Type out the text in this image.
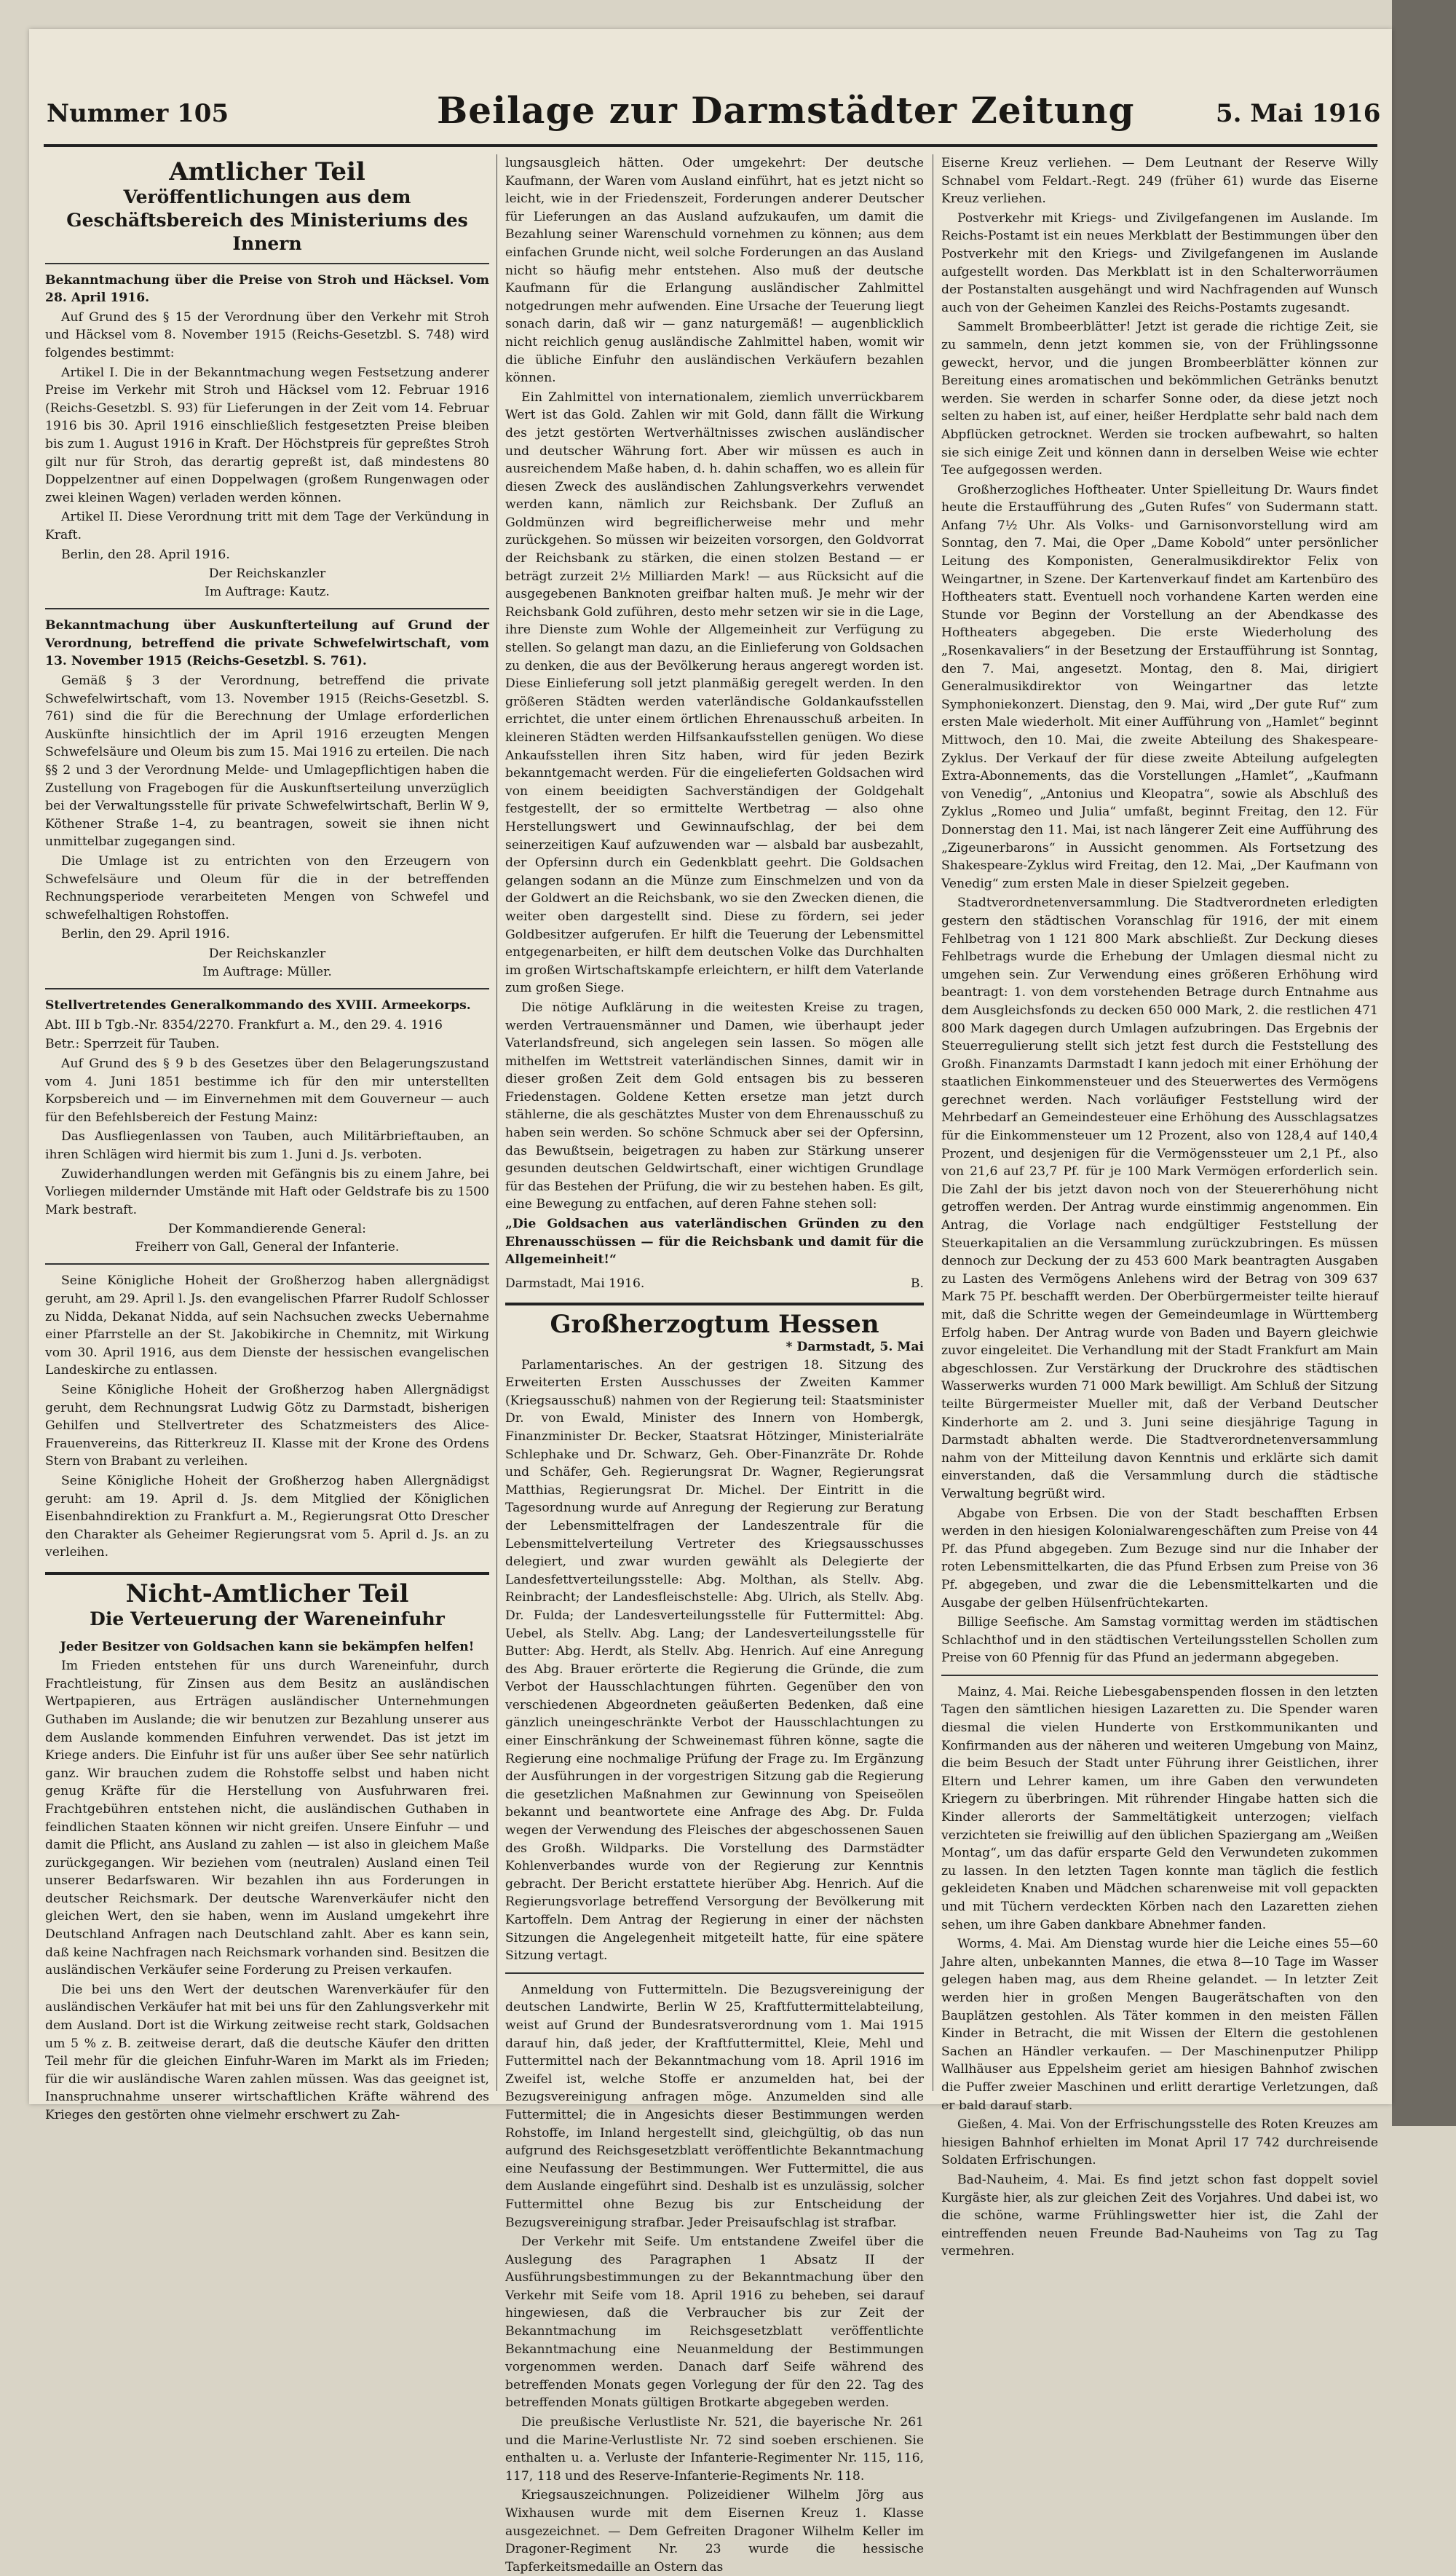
Nummer 105	Beilage zur Darmstädter Zeitung	5. Mai 1916
Amtlicher Teil
Veröffentlichungen aus dem Geschäftsbereich des Ministeriums des Innern

Bekanntmachung über die Preise von Stroh und Häcksel. Vom 28. April 1916.

Auf Grund des § 15 der Verordnung über den Verkehr mit Stroh und Häcksel vom 8. November 1915 (Reichs-Gesetzbl. S. 748) wird folgendes bestimmt:

Artikel I. Die in der Bekanntmachung wegen Festsetzung anderer Preise im Verkehr mit Stroh und Häcksel vom 12. Februar 1916 (Reichs-Gesetzbl. S. 93) für Lieferungen in der Zeit vom 14. Februar 1916 bis 30. April 1916 einschließlich festgesetzten Preise bleiben bis zum 1. August 1916 in Kraft. Der Höchstpreis für gepreßtes Stroh gilt nur für Stroh, das derartig gepreßt ist, daß mindestens 80 Doppelzentner auf einen Doppelwagen (großem Rungenwagen oder zwei kleinen Wagen) verladen werden können.

Artikel II. Diese Verordnung tritt mit dem Tage der Verkündung in Kraft.

Berlin, den 28. April 1916.

Der Reichskanzler
Im Auftrage: Kautz.

Bekanntmachung über Auskunfterteilung auf Grund der Verordnung, betreffend die private Schwefelwirtschaft, vom 13. November 1915 (Reichs-Gesetzbl. S. 761).

Gemäß § 3 der Verordnung, betreffend die private Schwefelwirtschaft, vom 13. November 1915 (Reichs-Gesetzbl. S. 761) sind die für die Berechnung der Umlage erforderlichen Auskünfte hinsichtlich der im April 1916 erzeugten Mengen Schwefelsäure und Oleum bis zum 15. Mai 1916 zu erteilen. Die nach §§ 2 und 3 der Verordnung Melde- und Umlagepflichtigen haben die Zustellung von Fragebogen für die Auskunftserteilung unverzüglich bei der Verwaltungsstelle für private Schwefelwirtschaft, Berlin W 9, Köthener Straße 1–4, zu beantragen, soweit sie ihnen nicht unmittelbar zugegangen sind.

Die Umlage ist zu entrichten von den Erzeugern von Schwefelsäure und Oleum für die in der betreffenden Rechnungsperiode verarbeiteten Mengen von Schwefel und schwefelhaltigen Rohstoffen.

Berlin, den 29. April 1916.

Der Reichskanzler
Im Auftrage: Müller.

Stellvertretendes Generalkommando des XVIII. Armeekorps.

Abt. III b Tgb.-Nr. 8354/2270. Frankfurt a. M., den 29. 4. 1916

Betr.: Sperrzeit für Tauben.

Auf Grund des § 9 b des Gesetzes über den Belagerungszustand vom 4. Juni 1851 bestimme ich für den mir unterstellten Korpsbereich und — im Einvernehmen mit dem Gouverneur — auch für den Befehlsbereich der Festung Mainz:

Das Ausfliegenlassen von Tauben, auch Militärbrieftauben, an ihren Schlägen wird hiermit bis zum 1. Juni d. Js. verboten.

Zuwiderhandlungen werden mit Gefängnis bis zu einem Jahre, bei Vorliegen mildernder Umstände mit Haft oder Geldstrafe bis zu 1500 Mark bestraft.

Der Kommandierende General:
Freiherr von Gall, General der Infanterie.

Seine Königliche Hoheit der Großherzog haben allergnädigst geruht, am 29. April l. Js. den evangelischen Pfarrer Rudolf Schlosser zu Nidda, Dekanat Nidda, auf sein Nachsuchen zwecks Uebernahme einer Pfarrstelle an der St. Jakobikirche in Chemnitz, mit Wirkung vom 30. April 1916, aus dem Dienste der hessischen evangelischen Landeskirche zu entlassen.

Seine Königliche Hoheit der Großherzog haben Allergnädigst geruht, dem Rechnungsrat Ludwig Götz zu Darmstadt, bisherigen Gehilfen und Stellvertreter des Schatzmeisters des Alice-Frauenvereins, das Ritterkreuz II. Klasse mit der Krone des Ordens Stern von Brabant zu verleihen.

Seine Königliche Hoheit der Großherzog haben Allergnädigst geruht: am 19. April d. Js. dem Mitglied der Königlichen Eisenbahndirektion zu Frankfurt a. M., Regierungsrat Otto Drescher den Charakter als Geheimer Regierungsrat vom 5. April d. Js. an zu verleihen.

Nicht-Amtlicher Teil
Die Verteuerung der Wareneinfuhr

Jeder Besitzer von Goldsachen kann sie bekämpfen helfen!

Im Frieden entstehen für uns durch Wareneinfuhr, durch Frachtleistung, für Zinsen aus dem Besitz an ausländischen Wertpapieren, aus Erträgen ausländischer Unternehmungen Guthaben im Auslande; die wir benutzen zur Bezahlung unserer aus dem Auslande kommenden Einfuhren verwendet. Das ist jetzt im Kriege anders. Die Einfuhr ist für uns außer über See sehr natürlich ganz. Wir brauchen zudem die Rohstoffe selbst und haben nicht genug Kräfte für die Herstellung von Ausfuhrwaren frei. Frachtgebühren entstehen nicht, die ausländischen Guthaben in feindlichen Staaten können wir nicht greifen. Unsere Einfuhr — und damit die Pflicht, ans Ausland zu zahlen — ist also in gleichem Maße zurückgegangen. Wir beziehen vom (neutralen) Ausland einen Teil unserer Bedarfswaren. Wir bezahlen ihn aus Forderungen in deutscher Reichsmark. Der deutsche Warenverkäufer nicht den gleichen Wert, den sie haben, wenn im Ausland umgekehrt ihre Deutschland Anfragen nach Deutschland zahlt. Aber es kann sein, daß keine Nachfragen nach Reichsmark vorhanden sind. Besitzen die ausländischen Verkäufer seine Forderung zu Preisen verkaufen.

Die bei uns den Wert der deutschen Warenverkäufer für den ausländischen Verkäufer hat mit bei uns für den Zahlungsverkehr mit dem Ausland. Dort ist die Wirkung zeitweise recht stark, Goldsachen um 5 % z. B. zeitweise derart, daß die deutsche Käufer den dritten Teil mehr für die gleichen Einfuhr-Waren im Markt als im Frieden; für die wir ausländische Waren zahlen müssen. Was das geeignet ist, Inanspruchnahme unserer wirtschaftlichen Kräfte während des Krieges den gestörten ohne vielmehr erschwert zu Zah-

lungsausgleich hätten. Oder umgekehrt: Der deutsche Kaufmann, der Waren vom Ausland einführt, hat es jetzt nicht so leicht, wie in der Friedenszeit, Forderungen anderer Deutscher für Lieferungen an das Ausland aufzukaufen, um damit die Bezahlung seiner Warenschuld vornehmen zu können; aus dem einfachen Grunde nicht, weil solche Forderungen an das Ausland nicht so häufig mehr entstehen. Also muß der deutsche Kaufmann für die Erlangung ausländischer Zahlmittel notgedrungen mehr aufwenden. Eine Ursache der Teuerung liegt sonach darin, daß wir — ganz naturgemäß! — augenblicklich nicht reichlich genug ausländische Zahlmittel haben, womit wir die übliche Einfuhr den ausländischen Verkäufern bezahlen können.

Ein Zahlmittel von internationalem, ziemlich unverrückbarem Wert ist das Gold. Zahlen wir mit Gold, dann fällt die Wirkung des jetzt gestörten Wertverhältnisses zwischen ausländischer und deutscher Währung fort. Aber wir müssen es auch in ausreichendem Maße haben, d. h. dahin schaffen, wo es allein für diesen Zweck des ausländischen Zahlungsverkehrs verwendet werden kann, nämlich zur Reichsbank. Der Zufluß an Goldmünzen wird begreiflicherweise mehr und mehr zurückgehen. So müssen wir beizeiten vorsorgen, den Goldvorrat der Reichsbank zu stärken, die einen stolzen Bestand — er beträgt zurzeit 2½ Milliarden Mark! — aus Rücksicht auf die ausgegebenen Banknoten greifbar halten muß. Je mehr wir der Reichsbank Gold zuführen, desto mehr setzen wir sie in die Lage, ihre Dienste zum Wohle der Allgemeinheit zur Verfügung zu stellen. So gelangt man dazu, an die Einlieferung von Goldsachen zu denken, die aus der Bevölkerung heraus angeregt worden ist. Diese Einlieferung soll jetzt planmäßig geregelt werden. In den größeren Städten werden vaterländische Goldankaufsstellen errichtet, die unter einem örtlichen Ehrenausschuß arbeiten. In kleineren Städten werden Hilfsankaufsstellen genügen. Wo diese Ankaufsstellen ihren Sitz haben, wird für jeden Bezirk bekanntgemacht werden. Für die eingelieferten Goldsachen wird von einem beeidigten Sachverständigen der Goldgehalt festgestellt, der so ermittelte Wertbetrag — also ohne Herstellungswert und Gewinnaufschlag, der bei dem seinerzeitigen Kauf aufzuwenden war — alsbald bar ausbezahlt, der Opfersinn durch ein Gedenkblatt geehrt. Die Goldsachen gelangen sodann an die Münze zum Einschmelzen und von da der Goldwert an die Reichsbank, wo sie den Zwecken dienen, die weiter oben dargestellt sind. Diese zu fördern, sei jeder Goldbesitzer aufgerufen. Er hilft die Teuerung der Lebensmittel entgegenarbeiten, er hilft dem deutschen Volke das Durchhalten im großen Wirtschaftskampfe erleichtern, er hilft dem Vaterlande zum großen Siege.

Die nötige Aufklärung in die weitesten Kreise zu tragen, werden Vertrauensmänner und Damen, wie überhaupt jeder Vaterlandsfreund, sich angelegen sein lassen. So mögen alle mithelfen im Wettstreit vaterländischen Sinnes, damit wir in dieser großen Zeit dem Gold entsagen bis zu besseren Friedenstagen. Goldene Ketten ersetze man jetzt durch stählerne, die als geschätztes Muster von dem Ehrenausschuß zu haben sein werden. So schöne Schmuck aber sei der Opfersinn, das Bewußtsein, beigetragen zu haben zur Stärkung unserer gesunden deutschen Geldwirtschaft, einer wichtigen Grundlage für das Bestehen der Prüfung, die wir zu bestehen haben. Es gilt, eine Bewegung zu entfachen, auf deren Fahne stehen soll:

„Die Goldsachen aus vaterländischen Gründen zu den Ehrenausschüssen — für die Reichsbank und damit für die Allgemeinheit!“

Darmstadt, Mai 1916.	B.
Großherzogtum Hessen
* Darmstadt, 5. Mai

Parlamentarisches. An der gestrigen 18. Sitzung des Erweiterten Ersten Ausschusses der Zweiten Kammer (Kriegsausschuß) nahmen von der Regierung teil: Staatsminister Dr. von Ewald, Minister des Innern von Hombergk, Finanzminister Dr. Becker, Staatsrat Hötzinger, Ministerialräte Schlephake und Dr. Schwarz, Geh. Ober-Finanzräte Dr. Rohde und Schäfer, Geh. Regierungsrat Dr. Wagner, Regierungsrat Matthias, Regierungsrat Dr. Michel. Der Eintritt in die Tagesordnung wurde auf Anregung der Regierung zur Beratung der Lebensmittelfragen der Landeszentrale für die Lebensmittelverteilung Vertreter des Kriegsausschusses delegiert, und zwar wurden gewählt als Delegierte der Landesfettverteilungsstelle: Abg. Molthan, als Stellv. Abg. Reinbracht; der Landesfleischstelle: Abg. Ulrich, als Stellv. Abg. Dr. Fulda; der Landesverteilungsstelle für Futtermittel: Abg. Uebel, als Stellv. Abg. Lang; der Landesverteilungsstelle für Butter: Abg. Herdt, als Stellv. Abg. Henrich. Auf eine Anregung des Abg. Brauer erörterte die Regierung die Gründe, die zum Verbot der Hausschlachtungen führten. Gegenüber den von verschiedenen Abgeordneten geäußerten Bedenken, daß eine gänzlich uneingeschränkte Verbot der Hausschlachtungen zu einer Einschränkung der Schweinemast führen könne, sagte die Regierung eine nochmalige Prüfung der Frage zu. Im Ergänzung der Ausführungen in der vorgestrigen Sitzung gab die Regierung die gesetzlichen Maßnahmen zur Gewinnung von Speiseölen bekannt und beantwortete eine Anfrage des Abg. Dr. Fulda wegen der Verwendung des Fleisches der abgeschossenen Sauen des Großh. Wildparks. Die Vorstellung des Darmstädter Kohlenverbandes wurde von der Regierung zur Kenntnis gebracht. Der Bericht erstattete hierüber Abg. Henrich. Auf die Regierungsvorlage betreffend Versorgung der Bevölkerung mit Kartoffeln. Dem Antrag der Regierung in einer der nächsten Sitzungen die Angelegenheit mitgeteilt hatte, für eine spätere Sitzung vertagt.

Anmeldung von Futtermitteln. Die Bezugsvereinigung der deutschen Landwirte, Berlin W 25, Kraftfuttermittelabteilung, weist auf Grund der Bundesratsverordnung vom 1. Mai 1915 darauf hin, daß jeder, der Kraftfuttermittel, Kleie, Mehl und Futtermittel nach der Bekanntmachung vom 18. April 1916 im Zweifel ist, welche Stoffe er anzumelden hat, bei der Bezugsvereinigung anfragen möge. Anzumelden sind alle Futtermittel; die in Angesichts dieser Bestimmungen werden Rohstoffe, im Inland hergestellt sind, gleichgültig, ob das nun aufgrund des Reichsgesetzblatt veröffentlichte Bekanntmachung eine Neufassung der Bestimmungen. Wer Futtermittel, die aus dem Auslande eingeführt sind. Deshalb ist es unzulässig, solcher Futtermittel ohne Bezug bis zur Entscheidung der Bezugsvereinigung strafbar. Jeder Preisaufschlag ist strafbar.

Der Verkehr mit Seife. Um entstandene Zweifel über die Auslegung des Paragraphen 1 Absatz II der Ausführungsbestimmungen zu der Bekanntmachung über den Verkehr mit Seife vom 18. April 1916 zu beheben, sei darauf hingewiesen, daß die Verbraucher bis zur Zeit der Bekanntmachung im Reichsgesetzblatt veröffentlichte Bekanntmachung eine Neuanmeldung der Bestimmungen vorgenommen werden. Danach darf Seife während des betreffenden Monats gegen Vorlegung der für den 22. Tag des betreffenden Monats gültigen Brotkarte abgegeben werden.

Die preußische Verlustliste Nr. 521, die bayerische Nr. 261 und die Marine-Verlustliste Nr. 72 sind soeben erschienen. Sie enthalten u. a. Verluste der Infanterie-Regimenter Nr. 115, 116, 117, 118 und des Reserve-Infanterie-Regiments Nr. 118.

Kriegsauszeichnungen. Polizeidiener Wilhelm Jörg aus Wixhausen wurde mit dem Eisernen Kreuz 1. Klasse ausgezeichnet. — Dem Gefreiten Dragoner Wilhelm Keller im Dragoner-Regiment Nr. 23 wurde die hessische Tapferkeitsmedaille an Ostern das

Eiserne Kreuz verliehen. — Dem Leutnant der Reserve Willy Schnabel vom Feldart.-Regt. 249 (früher 61) wurde das Eiserne Kreuz verliehen.

Postverkehr mit Kriegs- und Zivilgefangenen im Auslande. Im Reichs-Postamt ist ein neues Merkblatt der Bestimmungen über den Postverkehr mit den Kriegs- und Zivilgefangenen im Auslande aufgestellt worden. Das Merkblatt ist in den Schalterworräumen der Postanstalten ausgehängt und wird Nachfragenden auf Wunsch auch von der Geheimen Kanzlei des Reichs-Postamts zugesandt.

Sammelt Brombeerblätter! Jetzt ist gerade die richtige Zeit, sie zu sammeln, denn jetzt kommen sie, von der Frühlingssonne geweckt, hervor, und die jungen Brombeerblätter können zur Bereitung eines aromatischen und bekömmlichen Getränks benutzt werden. Sie werden in scharfer Sonne oder, da diese jetzt noch selten zu haben ist, auf einer, heißer Herdplatte sehr bald nach dem Abpflücken getrocknet. Werden sie trocken aufbewahrt, so halten sie sich einige Zeit und können dann in derselben Weise wie echter Tee aufgegossen werden.

Großherzogliches Hoftheater. Unter Spielleitung Dr. Waurs findet heute die Erstaufführung des „Guten Rufes“ von Sudermann statt. Anfang 7½ Uhr. Als Volks- und Garnisonvorstellung wird am Sonntag, den 7. Mai, die Oper „Dame Kobold“ unter persönlicher Leitung des Komponisten, Generalmusikdirektor Felix von Weingartner, in Szene. Der Kartenverkauf findet am Kartenbüro des Hoftheaters statt. Eventuell noch vorhandene Karten werden eine Stunde vor Beginn der Vorstellung an der Abendkasse des Hoftheaters abgegeben. Die erste Wiederholung des „Rosenkavaliers“ in der Besetzung der Erstaufführung ist Sonntag, den 7. Mai, angesetzt. Montag, den 8. Mai, dirigiert Generalmusikdirektor von Weingartner das letzte Symphoniekonzert. Dienstag, den 9. Mai, wird „Der gute Ruf“ zum ersten Male wiederholt. Mit einer Aufführung von „Hamlet“ beginnt Mittwoch, den 10. Mai, die zweite Abteilung des Shakespeare-Zyklus. Der Verkauf der für diese zweite Abteilung aufgelegten Extra-Abonnements, das die Vorstellungen „Hamlet“, „Kaufmann von Venedig“, „Antonius und Kleopatra“, sowie als Abschluß des Zyklus „Romeo und Julia“ umfaßt, beginnt Freitag, den 12. Für Donnerstag den 11. Mai, ist nach längerer Zeit eine Aufführung des „Zigeunerbarons“ in Aussicht genommen. Als Fortsetzung des Shakespeare-Zyklus wird Freitag, den 12. Mai, „Der Kaufmann von Venedig“ zum ersten Male in dieser Spielzeit gegeben.

Stadtverordnetenversammlung. Die Stadtverordneten erledigten gestern den städtischen Voranschlag für 1916, der mit einem Fehlbetrag von 1 121 800 Mark abschließt. Zur Deckung dieses Fehlbetrags wurde die Erhebung der Umlagen diesmal nicht zu umgehen sein. Zur Verwendung eines größeren Erhöhung wird beantragt: 1. von dem vorstehenden Betrage durch Entnahme aus dem Ausgleichsfonds zu decken 650 000 Mark, 2. die restlichen 471 800 Mark dagegen durch Umlagen aufzubringen. Das Ergebnis der Steuerregulierung stellt sich jetzt fest durch die Feststellung des Großh. Finanzamts Darmstadt I kann jedoch mit einer Erhöhung der staatlichen Einkommensteuer und des Steuerwertes des Vermögens gerechnet werden. Nach vorläufiger Feststellung wird der Mehrbedarf an Gemeindesteuer eine Erhöhung des Ausschlagsatzes für die Einkommensteuer um 12 Prozent, also von 128,4 auf 140,4 Prozent, und desjenigen für die Vermögenssteuer um 2,1 Pf., also von 21,6 auf 23,7 Pf. für je 100 Mark Vermögen erforderlich sein. Die Zahl der bis jetzt davon noch von der Steuererhöhung nicht getroffen werden. Der Antrag wurde einstimmig angenommen. Ein Antrag, die Vorlage nach endgültiger Feststellung der Steuerkapitalien an die Versammlung zurückzubringen. Es müssen dennoch zur Deckung der zu 453 600 Mark beantragten Ausgaben zu Lasten des Vermögens Anlehens wird der Betrag von 309 637 Mark 75 Pf. beschafft werden. Der Oberbürgermeister teilte hierauf mit, daß die Schritte wegen der Gemeindeumlage in Württemberg Erfolg haben. Der Antrag wurde von Baden und Bayern gleichwie zuvor eingeleitet. Die Verhandlung mit der Stadt Frankfurt am Main abgeschlossen. Zur Verstärkung der Druckrohre des städtischen Wasserwerks wurden 71 000 Mark bewilligt. Am Schluß der Sitzung teilte Bürgermeister Mueller mit, daß der Verband Deutscher Kinderhorte am 2. und 3. Juni seine diesjährige Tagung in Darmstadt abhalten werde. Die Stadtverordnetenversammlung nahm von der Mitteilung davon Kenntnis und erklärte sich damit einverstanden, daß die Versammlung durch die städtische Verwaltung begrüßt wird.

Abgabe von Erbsen. Die von der Stadt beschafften Erbsen werden in den hiesigen Kolonialwarengeschäften zum Preise von 44 Pf. das Pfund abgegeben. Zum Bezuge sind nur die Inhaber der roten Lebensmittelkarten, die das Pfund Erbsen zum Preise von 36 Pf. abgegeben, und zwar die die Lebensmittelkarten und die Ausgabe der gelben Hülsenfrüchtekarten.

Billige Seefische. Am Samstag vormittag werden im städtischen Schlachthof und in den städtischen Verteilungsstellen Schollen zum Preise von 60 Pfennig für das Pfund an jedermann abgegeben.

Mainz, 4. Mai. Reiche Liebesgabenspenden flossen in den letzten Tagen den sämtlichen hiesigen Lazaretten zu. Die Spender waren diesmal die vielen Hunderte von Erstkommunikanten und Konfirmanden aus der näheren und weiteren Umgebung von Mainz, die beim Besuch der Stadt unter Führung ihrer Geistlichen, ihrer Eltern und Lehrer kamen, um ihre Gaben den verwundeten Kriegern zu überbringen. Mit rührender Hingabe hatten sich die Kinder allerorts der Sammeltätigkeit unterzogen; vielfach verzichteten sie freiwillig auf den üblichen Spaziergang am „Weißen Montag“, um das dafür ersparte Geld den Verwundeten zukommen zu lassen. In den letzten Tagen konnte man täglich die festlich gekleideten Knaben und Mädchen scharenweise mit voll gepackten und mit Tüchern verdeckten Körben nach den Lazaretten ziehen sehen, um ihre Gaben dankbare Abnehmer fanden.

Worms, 4. Mai. Am Dienstag wurde hier die Leiche eines 55—60 Jahre alten, unbekannten Mannes, die etwa 8—10 Tage im Wasser gelegen haben mag, aus dem Rheine gelandet. — In letzter Zeit werden hier in großen Mengen Baugerätschaften von den Bauplätzen gestohlen. Als Täter kommen in den meisten Fällen Kinder in Betracht, die mit Wissen der Eltern die gestohlenen Sachen an Händler verkaufen. — Der Maschinenputzer Philipp Wallhäuser aus Eppelsheim geriet am hiesigen Bahnhof zwischen die Puffer zweier Maschinen und erlitt derartige Verletzungen, daß er bald darauf starb.

Gießen, 4. Mai. Von der Erfrischungsstelle des Roten Kreuzes am hiesigen Bahnhof erhielten im Monat April 17 742 durchreisende Soldaten Erfrischungen.

Bad-Nauheim, 4. Mai. Es find jetzt schon fast doppelt soviel Kurgäste hier, als zur gleichen Zeit des Vorjahres. Und dabei ist, wo die schöne, warme Frühlingswetter hier ist, die Zahl der eintreffenden neuen Freunde Bad-Nauheims von Tag zu Tag vermehren.
